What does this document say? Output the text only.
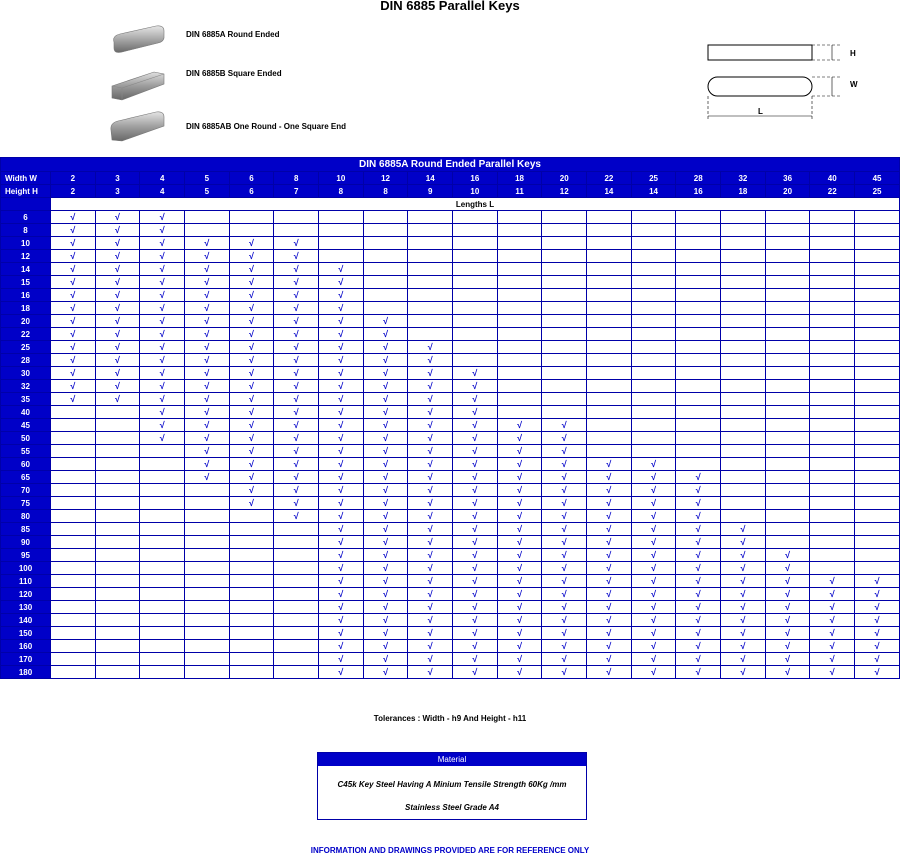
DIN 6885 Parallel Keys
DIN 6885A Round Ended
DIN 6885B Square Ended
DIN 6885AB One Round - One Square End
H
W
L
DIN 6885A Round Ended Parallel Keys																			
Width W	2	3	4	5	6	8	10	12	14	16	18	20	22	25	28	32	36	40	45
Height H	2	3	4	5	6	7	8	8	9	10	11	12	14	14	16	18	20	22	25
	Lengths L																		
6	√	√	√																
8	√	√	√																
10	√	√	√	√	√	√													
12	√	√	√	√	√	√													
14	√	√	√	√	√	√	√												
15	√	√	√	√	√	√	√												
16	√	√	√	√	√	√	√												
18	√	√	√	√	√	√	√												
20	√	√	√	√	√	√	√	√											
22	√	√	√	√	√	√	√	√											
25	√	√	√	√	√	√	√	√	√										
28	√	√	√	√	√	√	√	√	√										
30	√	√	√	√	√	√	√	√	√	√									
32	√	√	√	√	√	√	√	√	√	√									
35	√	√	√	√	√	√	√	√	√	√									
40			√	√	√	√	√	√	√	√									
45			√	√	√	√	√	√	√	√	√	√							
50			√	√	√	√	√	√	√	√	√	√							
55				√	√	√	√	√	√	√	√	√							
60				√	√	√	√	√	√	√	√	√	√	√					
65				√	√	√	√	√	√	√	√	√	√	√	√				
70					√	√	√	√	√	√	√	√	√	√	√				
75					√	√	√	√	√	√	√	√	√	√	√				
80						√	√	√	√	√	√	√	√	√	√				
85							√	√	√	√	√	√	√	√	√	√			
90							√	√	√	√	√	√	√	√	√	√			
95							√	√	√	√	√	√	√	√	√	√	√		
100							√	√	√	√	√	√	√	√	√	√	√		
110							√	√	√	√	√	√	√	√	√	√	√	√	√
120							√	√	√	√	√	√	√	√	√	√	√	√	√
130							√	√	√	√	√	√	√	√	√	√	√	√	√
140							√	√	√	√	√	√	√	√	√	√	√	√	√
150							√	√	√	√	√	√	√	√	√	√	√	√	√
160							√	√	√	√	√	√	√	√	√	√	√	√	√
170							√	√	√	√	√	√	√	√	√	√	√	√	√
180							√	√	√	√	√	√	√	√	√	√	√	√	√
Tolerances : Width - h9 And Height - h11
Material
C45k Key Steel Having A Minium Tensile Strength 60Kg /mm
Stainless Steel Grade A4
INFORMATION AND DRAWINGS PROVIDED ARE FOR REFERENCE ONLY
